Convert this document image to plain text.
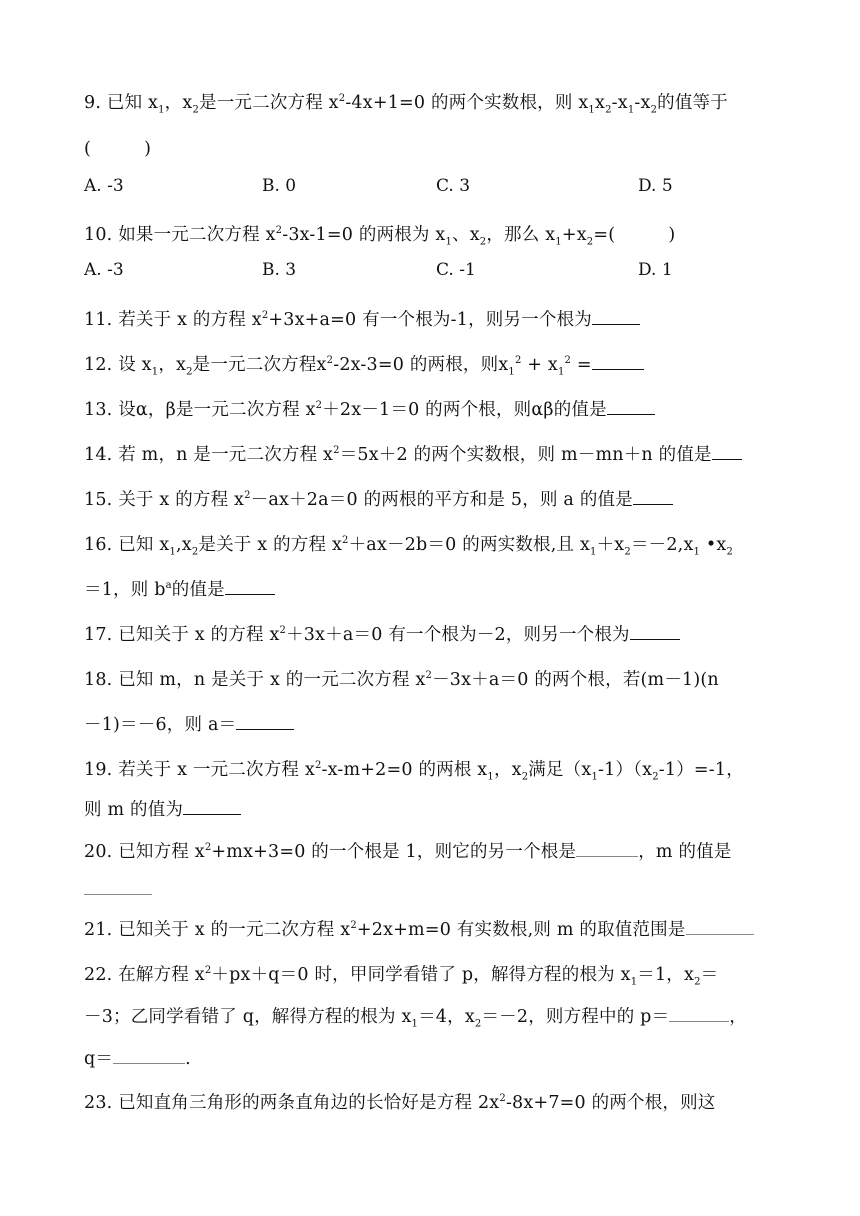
9. 已知 $x_1$，$x_2$是一元二次方程 $x^2-4x+1=0$ 的两个实数根，则 $x_1x_2-x_1-x_2$的值等于
(　　　)
A. -3	B. 0	C. 3	D. 5
10. 如果一元二次方程 $x^2-3x-1=0$ 的两根为 $x_1$、$x_2$，那么 $x_1+x_2=$(　　　)
A. -3	B. 3	C. -1	D. 1
11. 若关于 x 的方程 $x^2+3x+a=0$ 有一个根为-1，则另一个根为
12. 设 $x_1$，$x_2$是一元二次方程$x^2-2x-3=0$ 的两根，则$x_1^2 + x_1^2$ =
13. 设α，β是一元二次方程 $x^2+2x-1=0$ 的两个根，则αβ的值是
14. 若 m，n 是一元二次方程 $x^2=5x+2$ 的两个实数根，则 m－mn＋n 的值是
15. 关于 x 的方程 $x^2-ax+2a=0$ 的两根的平方和是 5，则 a 的值是
16. 已知 $x_1,x_2$是关于 x 的方程 $x^2+ax-2b=0$ 的两实数根,且 $x_1+x_2=-2,x_1$ $•x_2$
＝1，则 $b^a$的值是
17. 已知关于 x 的方程 $x^2+3x+a=0$ 有一个根为－2，则另一个根为
18. 已知 m，n 是关于 x 的一元二次方程 $x^2-3x+a=0$ 的两个根，若(m－1)(n
－1)＝－6，则 a＝
19. 若关于 x 一元二次方程 $x^2-x-m+2=0$ 的两根 $x_1$，$x_2$满足$(x_1-1)(x_2-1)=-1$，
则 m 的值为
20. 已知方程 $x^2+mx+3=0$ 的一个根是 1，则它的另一个根是	，m 的值是
21. 已知关于 x 的一元二次方程 $x^2+2x+m=0$ 有实数根,则 m 的取值范围是
22. 在解方程 $x^2+px+q=0$ 时，甲同学看错了 p，解得方程的根为 $x_1=1$，$x_2=$
－3；乙同学看错了 q，解得方程的根为 $x_1=4$，$x_2=-2$，则方程中的 p＝	，
q＝	.
23. 已知直角三角形的两条直角边的长恰好是方程 $2x^2-8x+7=0$ 的两个根，则这
